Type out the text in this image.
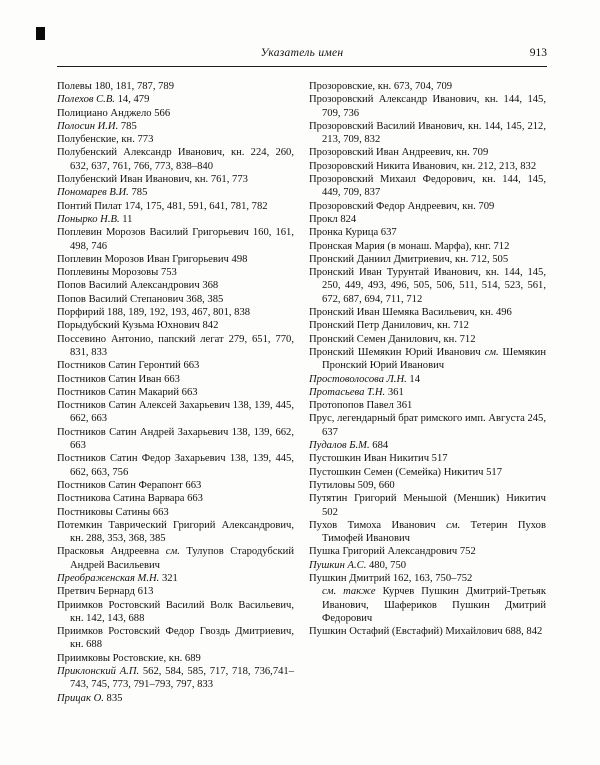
Указатель имен	913

Полевы 180, 181, 787, 789

Полехов С.В. 14, 479

Полициано Анджело 566

Полосин И.И. 785

Полубенские, кн. 773

Полубенский Александр Иванович, кн. 224, 260, 632, 637, 761, 766, 773, 838–840

Полубенский Иван Иванович, кн. 761, 773

Пономарев В.И. 785

Понтий Пилат 174, 175, 481, 591, 641, 781, 782

Понырко Н.В. 11

Поплевин Морозов Василий Григорьевич 160, 161, 498, 746

Поплевин Морозов Иван Григорьевич 498

Поплевины Морозовы 753

Попов Василий Александрович 368

Попов Василий Степанович 368, 385

Порфирий 188, 189, 192, 193, 467, 801, 838

Порыдубский Кузьма Юхнович 842

Поссевино Антонио, папский легат 279, 651, 770, 831, 833

Постников Сатин Геронтий 663

Постников Сатин Иван 663

Постников Сатин Макарий 663

Постников Сатин Алексей Захарьевич 138, 139, 445, 662, 663

Постников Сатин Андрей Захарьевич 138, 139, 662, 663

Постников Сатин Федор Захарьевич 138, 139, 445, 662, 663, 756

Постников Сатин Ферапонт 663

Постникова Сатина Варвара 663

Постниковы Сатины 663

Потемкин Таврический Григорий Александрович, кн. 288, 353, 368, 385

Прасковья Андреевна см. Тулупов Стародубский Андрей Васильевич

Преображенская М.Н. 321

Претвич Бернард 613

Приимков Ростовский Василий Волк Васильевич, кн. 142, 143, 688

Приимков Ростовский Федор Гвоздь Дмитриевич, кн. 688

Приимковы Ростовские, кн. 689

Приклонский А.П. 562, 584, 585, 717, 718, 736,741–743, 745, 773, 791–793, 797, 833

Прицак О. 835

Прозоровские, кн. 673, 704, 709

Прозоровский Александр Иванович, кн. 144, 145, 709, 736

Прозоровский Василий Иванович, кн. 144, 145, 212, 213, 709, 832

Прозоровский Иван Андреевич, кн. 709

Прозоровский Никита Иванович, кн. 212, 213, 832

Прозоровский Михаил Федорович, кн. 144, 145, 449, 709, 837

Прозоровский Федор Андреевич, кн. 709

Прокл 824

Пронка Курица 637

Пронская Мария (в монаш. Марфа), кнг. 712

Пронский Даниил Дмитриевич, кн. 712, 505

Пронский Иван Турунтай Иванович, кн. 144, 145, 250, 449, 493, 496, 505, 506, 511, 514, 523, 561, 672, 687, 694, 711, 712

Пронский Иван Шемяка Васильевич, кн. 496

Пронский Петр Данилович, кн. 712

Пронский Семен Данилович, кн. 712

Пронский Шемякин Юрий Иванович см. Шемякин Пронский Юрий Иванович

Простоволосова Л.Н. 14

Протасьева Т.Н. 361

Протопопов Павел 361

Прус, легендарный брат римского имп. Августа 245, 637

Пудалов Б.М. 684

Пустошкин Иван Никитич 517

Пустошкин Семен (Семейка) Никитич 517

Путиловы 509, 660

Путятин Григорий Меньшой (Меншик) Никитич 502

Пухов Тимоха Иванович см. Тетерин Пухов Тимофей Иванович

Пушка Григорий Александрович 752

Пушкин А.С. 480, 750

Пушкин Дмитрий 162, 163, 750–752
см. также Курчев Пушкин Дмитрий-Третьяк Иванович, Шафериков Пушкин Дмитрий Федорович

Пушкин Остафий (Евстафий) Михайлович 688, 842
